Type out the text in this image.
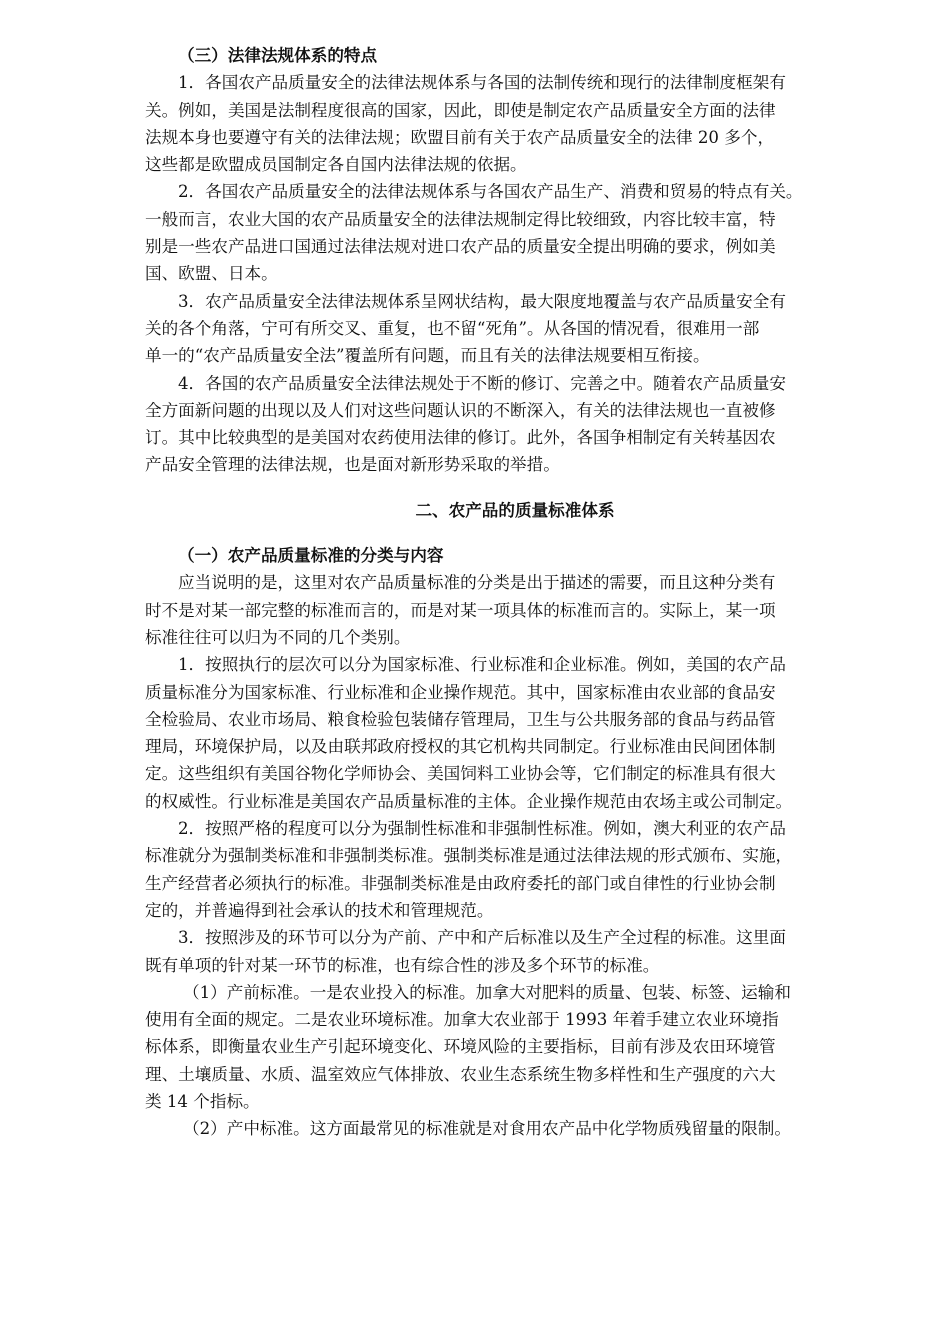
（三）法律法规体系的特点
1．各国农产品质量安全的法律法规体系与各国的法制传统和现行的法律制度框架有
关。例如，美国是法制程度很高的国家，因此，即使是制定农产品质量安全方面的法律
法规本身也要遵守有关的法律法规；欧盟目前有关于农产品质量安全的法律 20 多个，
这些都是欧盟成员国制定各自国内法律法规的依据。
2．各国农产品质量安全的法律法规体系与各国农产品生产、消费和贸易的特点有关。
一般而言，农业大国的农产品质量安全的法律法规制定得比较细致，内容比较丰富，特
别是一些农产品进口国通过法律法规对进口农产品的质量安全提出明确的要求，例如美
国、欧盟、日本。
3．农产品质量安全法律法规体系呈网状结构，最大限度地覆盖与农产品质量安全有
关的各个角落，宁可有所交叉、重复，也不留“死角”。从各国的情况看，很难用一部
单一的“农产品质量安全法”覆盖所有问题，而且有关的法律法规要相互衔接。
4．各国的农产品质量安全法律法规处于不断的修订、完善之中。随着农产品质量安
全方面新问题的出现以及人们对这些问题认识的不断深入，有关的法律法规也一直被修
订。其中比较典型的是美国对农药使用法律的修订。此外，各国争相制定有关转基因农
产品安全管理的法律法规，也是面对新形势采取的举措。
二、农产品的质量标准体系
（一）农产品质量标准的分类与内容
应当说明的是，这里对农产品质量标准的分类是出于描述的需要，而且这种分类有
时不是对某一部完整的标准而言的，而是对某一项具体的标准而言的。实际上，某一项
标准往往可以归为不同的几个类别。
1．按照执行的层次可以分为国家标准、行业标准和企业标准。例如，美国的农产品
质量标准分为国家标准、行业标准和企业操作规范。其中，国家标准由农业部的食品安
全检验局、农业市场局、粮食检验包装储存管理局，卫生与公共服务部的食品与药品管
理局，环境保护局，以及由联邦政府授权的其它机构共同制定。行业标准由民间团体制
定。这些组织有美国谷物化学师协会、美国饲料工业协会等，它们制定的标准具有很大
的权威性。行业标准是美国农产品质量标准的主体。企业操作规范由农场主或公司制定。
2．按照严格的程度可以分为强制性标准和非强制性标准。例如，澳大利亚的农产品
标准就分为强制类标准和非强制类标准。强制类标准是通过法律法规的形式颁布、实施，
生产经营者必须执行的标准。非强制类标准是由政府委托的部门或自律性的行业协会制
定的，并普遍得到社会承认的技术和管理规范。
3．按照涉及的环节可以分为产前、产中和产后标准以及生产全过程的标准。这里面
既有单项的针对某一环节的标准，也有综合性的涉及多个环节的标准。
（1）产前标准。一是农业投入的标准。加拿大对肥料的质量、包装、标签、运输和
使用有全面的规定。二是农业环境标准。加拿大农业部于 1993 年着手建立农业环境指
标体系，即衡量农业生产引起环境变化、环境风险的主要指标，目前有涉及农田环境管
理、土壤质量、水质、温室效应气体排放、农业生态系统生物多样性和生产强度的六大
类 14 个指标。
（2）产中标准。这方面最常见的标准就是对食用农产品中化学物质残留量的限制。
